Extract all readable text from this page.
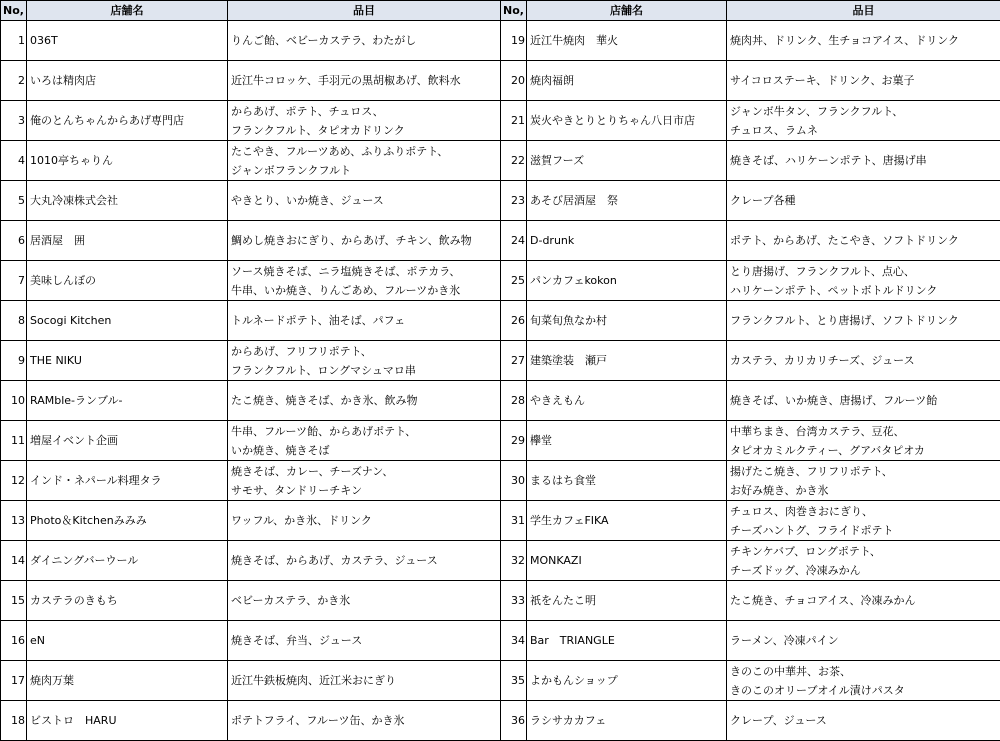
No,	店舗名	品目	No,	店舗名	品目
1	036T	りんご飴、ベビーカステラ、わたがし	19	近江牛焼肉　華火	焼肉丼、ドリンク、生チョコアイス、ドリンク

2	いろは精肉店	近江牛コロッケ、手羽元の黒胡椒あげ、飲料水	20	焼肉福朗	サイコロステーキ、ドリンク、お菓子

3	俺のとんちゃんからあげ専門店	からあげ、ポテト、チュロス、
フランクフルト、タピオカドリンク	21	炭火やきとりとりちゃん八日市店	ジャンボ牛タン、フランクフルト、
チュロス、ラムネ

4	1010亭ちゃりん	たこやき、フルーツあめ、ふりふりポテト、
ジャンボフランクフルト	22	滋賀フーズ	焼きそば、ハリケーンポテト、唐揚げ串

5	大丸冷凍株式会社	やきとり、いか焼き、ジュース	23	あそび居酒屋　祭	クレープ各種

6	居酒屋　囲	鯛めし焼きおにぎり、からあげ、チキン、飲み物	24	D-drunk	ポテト、からあげ、たこやき、ソフトドリンク

7	美味しんぼの	ソース焼きそば、ニラ塩焼きそば、ポテカラ、
牛串、いか焼き、りんごあめ、フルーツかき氷	25	パンカフェkokon	とり唐揚げ、フランクフルト、点心、
ハリケーンポテト、ペットボトルドリンク

8	Socogi Kitchen	トルネードポテト、油そば、パフェ	26	旬菜旬魚なか村	フランクフルト、とり唐揚げ、ソフトドリンク

9	THE NIKU	からあげ、フリフリポテト、
フランクフルト、ロングマシュマロ串	27	建築塗装　瀬戸	カステラ、カリカリチーズ、ジュース

10	RAMble-ランブル-	たこ焼き、焼きそば、かき氷、飲み物	28	やきえもん	焼きそば、いか焼き、唐揚げ、フルーツ飴

11	増屋イベント企画	牛串、フルーツ飴、からあげポテト、
いか焼き、焼きそば	29	欅堂	中華ちまき、台湾カステラ、豆花、
タピオカミルクティー、グアバタピオカ

12	インド・ネパール料理タラ	焼きそば、カレー、チーズナン、
サモサ、タンドリーチキン	30	まるはち食堂	揚げたこ焼き、フリフリポテト、
お好み焼き、かき氷

13	Photo＆Kitchenみみみ	ワッフル、かき氷、ドリンク	31	学生カフェFIKA	チュロス、肉巻きおにぎり、
チーズハントグ、フライドポテト

14	ダイニングバーウール	焼きそば、からあげ、カステラ、ジュース	32	MONKAZI	チキンケバブ、ロングポテト、
チーズドッグ、冷凍みかん

15	カステラのきもち	ベビーカステラ、かき氷	33	祇をんたこ明	たこ焼き、チョコアイス、冷凍みかん

16	eN	焼きそば、弁当、ジュース	34	Bar　TRIANGLE	ラーメン、冷凍パイン

17	焼肉万葉	近江牛鉄板焼肉、近江米おにぎり	35	よかもんショップ	きのこの中華丼、お茶、
きのこのオリーブオイル漬けパスタ

18	ビストロ　HARU	ポテトフライ、フルーツ缶、かき氷	36	ラシサカカフェ	クレープ、ジュース
